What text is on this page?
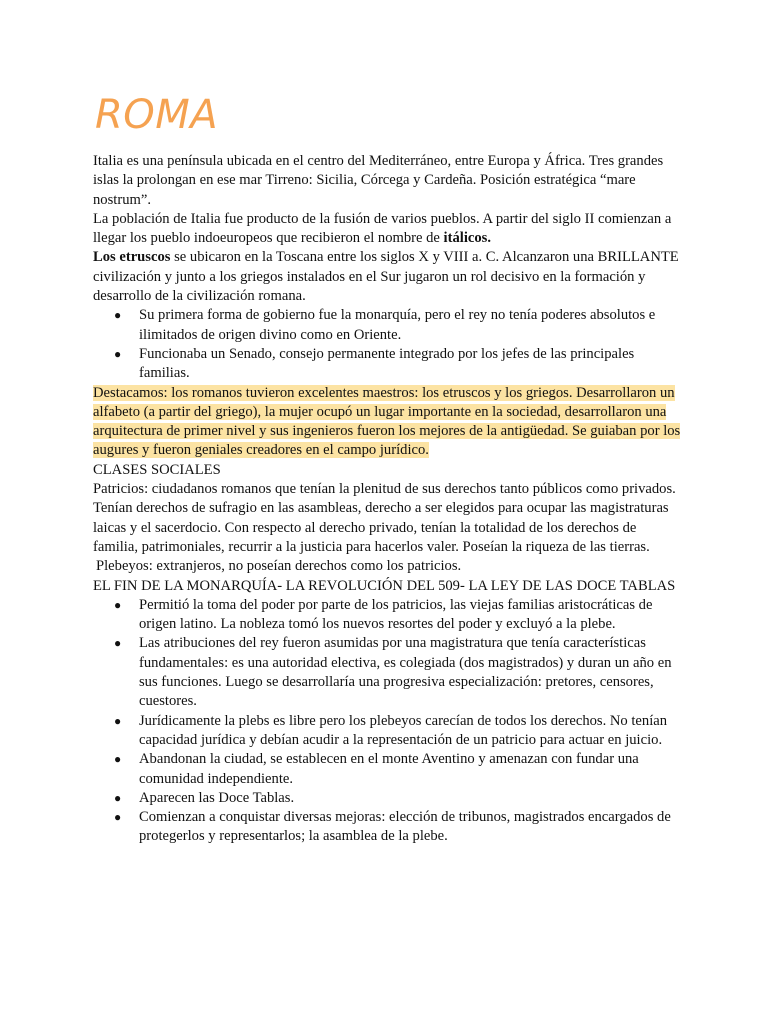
ROMA

Italia es una península ubicada en el centro del Mediterráneo, entre Europa y África. Tres grandes islas la prolongan en ese mar Tirreno: Sicilia, Córcega y Cardeña. Posición estratégica “mare nostrum”.

La población de Italia fue producto de la fusión de varios pueblos. A partir del siglo II comienzan a llegar los pueblo indoeuropeos que recibieron el nombre de itálicos.

Los etruscos se ubicaron en la Toscana entre los siglos X y VIII a. C. Alcanzaron una BRILLANTE civilización y junto a los griegos instalados en el Sur jugaron un rol decisivo en la formación y desarrollo de la civilización romana.

● Su primera forma de gobierno fue la monarquía, pero el rey no tenía poderes absolutos e ilimitados de origen divino como en Oriente.
● Funcionaba un Senado, consejo permanente integrado por los jefes de las principales familias.

Destacamos: los romanos tuvieron excelentes maestros: los etruscos y los griegos. Desarrollaron un alfabeto (a partir del griego), la mujer ocupó un lugar importante en la sociedad, desarrollaron una arquitectura de primer nivel y sus ingenieros fueron los mejores de la antigüedad. Se guiaban por los augures y fueron geniales creadores en el campo jurídico.

CLASES SOCIALES

Patricios: ciudadanos romanos que tenían la plenitud de sus derechos tanto públicos como privados. Tenían derechos de sufragio en las asambleas, derecho a ser elegidos para ocupar las magistraturas laicas y el sacerdocio. Con respecto al derecho privado, tenían la totalidad de los derechos de familia, patrimoniales, recurrir a la justicia para hacerlos valer. Poseían la riqueza de las tierras.

Plebeyos: extranjeros, no poseían derechos como los patricios.

EL FIN DE LA MONARQUÍA- LA REVOLUCIÓN DEL 509- LA LEY DE LAS DOCE TABLAS

● Permitió la toma del poder por parte de los patricios, las viejas familias aristocráticas de origen latino. La nobleza tomó los nuevos resortes del poder y excluyó a la plebe.
● Las atribuciones del rey fueron asumidas por una magistratura que tenía características fundamentales: es una autoridad electiva, es colegiada (dos magistrados) y duran un año en sus funciones. Luego se desarrollaría una progresiva especialización: pretores, censores, cuestores.
● Jurídicamente la plebs es libre pero los plebeyos carecían de todos los derechos. No tenían capacidad jurídica y debían acudir a la representación de un patricio para actuar en juicio.
● Abandonan la ciudad, se establecen en el monte Aventino y amenazan con fundar una comunidad independiente.
● Aparecen las Doce Tablas.
● Comienzan a conquistar diversas mejoras: elección de tribunos, magistrados encargados de protegerlos y representarlos; la asamblea de la plebe.
